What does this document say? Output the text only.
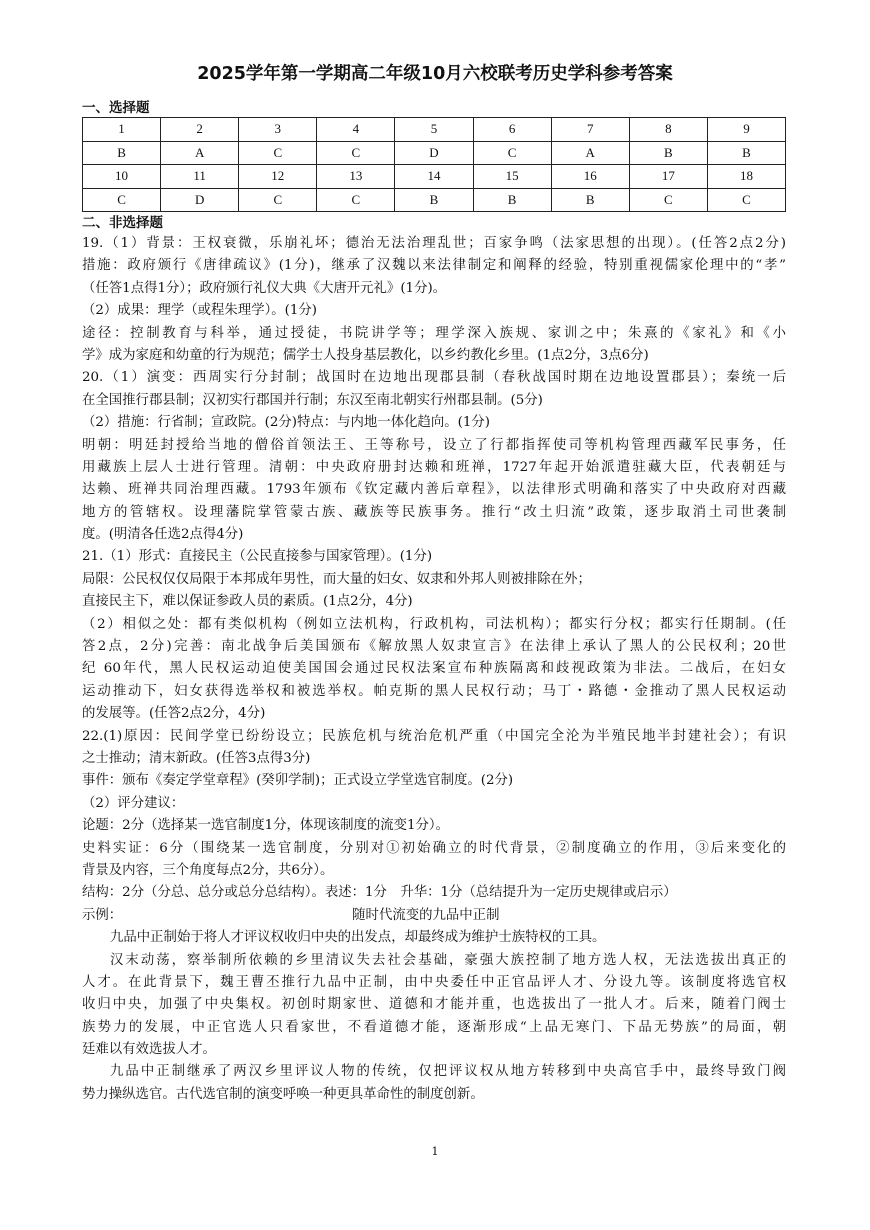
2025学年第一学期高二年级10月六校联考历史学科参考答案
一、选择题
1	2	3	4	5	6	7	8	9
B	A	C	C	D	C	A	B	B
10	11	12	13	14	15	16	17	18
C	D	C	C	B	B	B	C	C
二、非选择题
19.（1）背景：王权衰微，乐崩礼坏；德治无法治理乱世；百家争鸣（法家思想的出现）。(任答2点2分)
措施：政府颁行《唐律疏议》(1分)，继承了汉魏以来法律制定和阐释的经验，特别重视儒家伦理中的“孝”
（任答1点得1分）；政府颁行礼仪大典《大唐开元礼》(1分)。
（2）成果：理学（或程朱理学）。(1分)
途径：控制教育与科举，通过授徒，书院讲学等；理学深入族规、家训之中；朱熹的《家礼》和《小
学》成为家庭和幼童的行为规范；儒学士人投身基层教化，以乡约教化乡里。(1点2分，3点6分)
20.（1）演变：西周实行分封制；战国时在边地出现郡县制（春秋战国时期在边地设置郡县）；秦统一后
在全国推行郡县制；汉初实行郡国并行制；东汉至南北朝实行州郡县制。(5分)
（2）措施：行省制；宣政院。(2分)特点：与内地一体化趋向。(1分)
明朝：明廷封授给当地的僧俗首领法王、王等称号，设立了行都指挥使司等机构管理西藏军民事务，任
用藏族上层人士进行管理。清朝：中央政府册封达赖和班禅，1727年起开始派遣驻藏大臣，代表朝廷与
达赖、班禅共同治理西藏。1793年颁布《钦定藏内善后章程》，以法律形式明确和落实了中央政府对西藏
地方的管辖权。设理藩院掌管蒙古族、藏族等民族事务。推行“改土归流”政策，逐步取消土司世袭制
度。(明清各任选2点得4分)
21.（1）形式：直接民主（公民直接参与国家管理）。(1分)
局限：公民权仅仅局限于本邦成年男性，而大量的妇女、奴隶和外邦人则被排除在外；
直接民主下，难以保证参政人员的素质。(1点2分，4分)
（2）相似之处：都有类似机构（例如立法机构，行政机构，司法机构）；都实行分权；都实行任期制。(任
答2点，2分)完善：南北战争后美国颁布《解放黑人奴隶宣言》在法律上承认了黑人的公民权利；20世
纪 60年代，黑人民权运动迫使美国国会通过民权法案宣布种族隔离和歧视政策为非法。二战后，在妇女
运动推动下，妇女获得选举权和被选举权。帕克斯的黑人民权行动；马丁・路德・金推动了黑人民权运动
的发展等。(任答2点2分，4分)
22.(1)原因：民间学堂已纷纷设立；民族危机与统治危机严重（中国完全沦为半殖民地半封建社会）；有识
之士推动；清末新政。(任答3点得3分)
事件：颁布《奏定学堂章程》(癸卯学制)；正式设立学堂选官制度。(2分)
（2）评分建议：
论题：2分（选择某一选官制度1分，体现该制度的流变1分）。
史料实证：6分（围绕某一选官制度，分别对①初始确立的时代背景，②制度确立的作用，③后来变化的
背景及内容，三个角度每点2分，共6分）。
结构：2分（分总、总分或总分总结构）。表述：1分　升华：1分（总结提升为一定历史规律或启示）
示例：	随时代流变的九品中正制
九品中正制始于将人才评议权收归中央的出发点，却最终成为维护士族特权的工具。
汉末动荡，察举制所依赖的乡里清议失去社会基础，豪强大族控制了地方选人权，无法选拔出真正的
人才。在此背景下，魏王曹丕推行九品中正制，由中央委任中正官品评人才、分设九等。该制度将选官权
收归中央，加强了中央集权。初创时期家世、道德和才能并重，也选拔出了一批人才。后来，随着门阀士
族势力的发展，中正官选人只看家世，不看道德才能，逐渐形成“上品无寒门、下品无势族”的局面，朝
廷难以有效选拔人才。
九品中正制继承了两汉乡里评议人物的传统，仅把评议权从地方转移到中央高官手中，最终导致门阀
势力操纵选官。古代选官制的演变呼唤一种更具革命性的制度创新。
1
